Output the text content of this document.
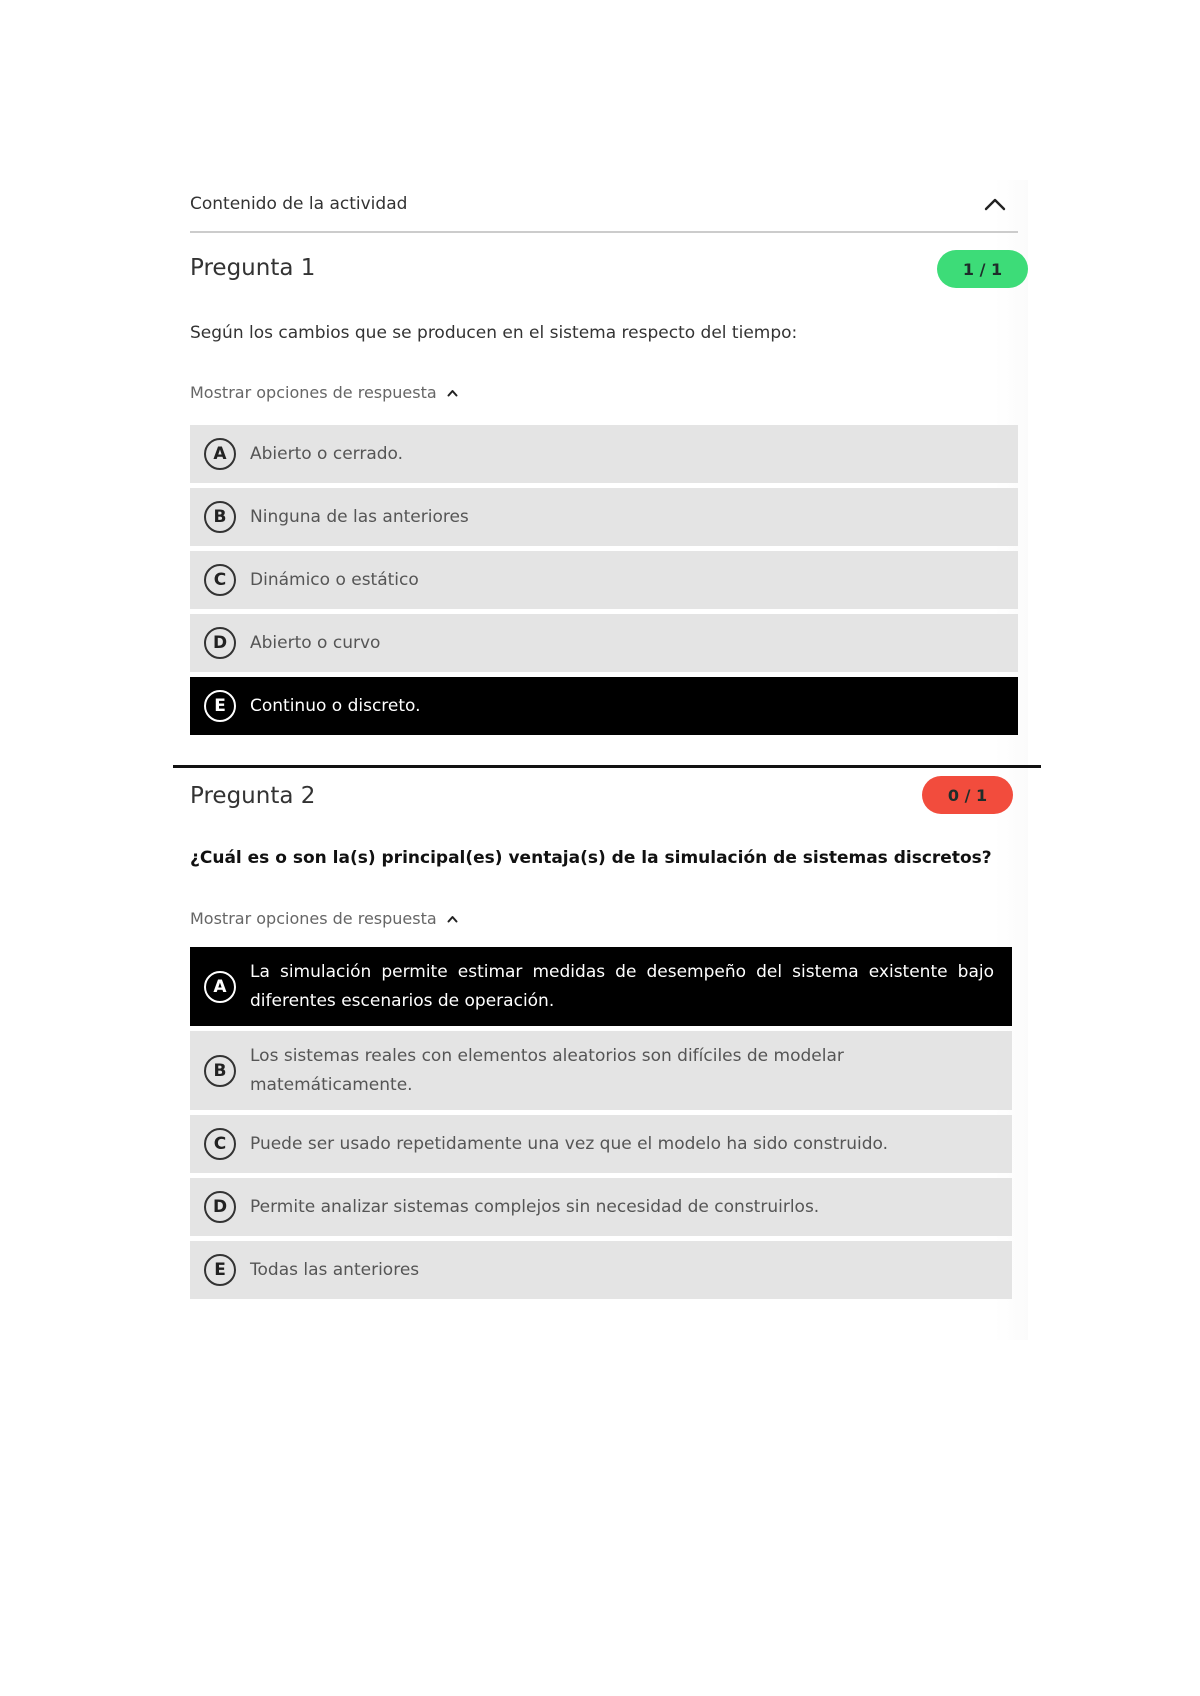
Contenido de la actividad
Pregunta 1	1 / 1
Según los cambios que se producen en el sistema respecto del tiempo:
Mostrar opciones de respuesta
A	Abierto o cerrado.
B	Ninguna de las anteriores
C	Dinámico o estático
D	Abierto o curvo
E	Continuo o discreto.
Pregunta 2	0 / 1
¿Cuál es o son la(s) principal(es) ventaja(s) de la simulación de sistemas discretos?
Mostrar opciones de respuesta
A
La simulación permite estimar medidas de desempeño del sistema existente bajo diferentes escenarios de operación.
B
Los sistemas reales con elementos aleatorios son difíciles de modelar matemáticamente.
C	Puede ser usado repetidamente una vez que el modelo ha sido construido.
D	Permite analizar sistemas complejos sin necesidad de construirlos.
E	Todas las anteriores
